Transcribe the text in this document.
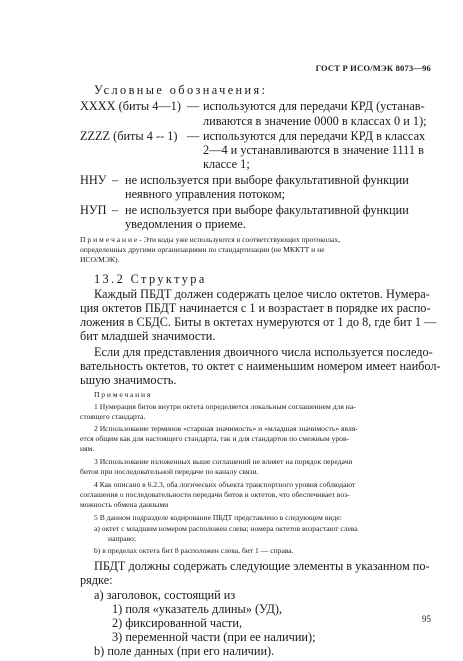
ГОСТ Р ИСО/МЭК 8073—96
Условные обозначения:
XXXX (биты 4—1) — используются для передачи КРД (устанав-
ливаются в значение 0000 в классах 0 и 1);
ZZZZ (биты 4 -- 1) — используются для передачи КРД в классах
2—4 и устанавливаются в значение 1111 в
классе 1;
ННУ – не используется при выборе факультативной функции
неявного управления потоком;
НУП – не используется при выборе факультативной функции
уведомления о приеме.
П р и м е ч а н и е - Эти коды уже используются в соответствующих протоколах,
определенных другими организациями по стандартизации (не МККТТ и не
ИСО/МЭК).
13.2 Структура
Каждый ПБДТ должен содержать целое число октетов. Нумера-
ция октетов ПБДТ начинается с 1 и возрастает в порядке их распо-
ложения в СБДС. Биты в октетах нумеруются от 1 до 8, где бит 1 —
бит младшей значимости.
Если для представления двоичного числа используется последо-
вательность октетов, то октет с наименьшим номером имеет наибол-
ьшую значимость.
Примечания
1 Нумерация битов внутри октета определяется локальным соглашением для на-
стоящего стандарта.
2 Использование терминов «старшая значимость» и «младшая значимость» явля-
ется общим как для настоящего стандарта, так и для стандартов по смежным уров-
ням.
3 Использование изложенных выше соглашений не влияет на порядок передачи
битов при последовательной передаче по каналу связи.
4 Как описано в 6.2.3, оба логических объекта транспортного уровня соблюдают
соглашения о последовательности передачи битов и октетов, что обеспечивает воз-
можность обмена данными
5 В данном подразделе кодирование ПБДТ представлено в следующем виде:
a) октет с младшим номером расположен слева; номера октетов возрастают слева
направо;
b) в пределах октета бит 8 расположен слева, бит 1 — справа.
ПБДТ должны содержать следующие элементы в указанном по-
рядке:
a) заголовок, состоящий из
1) поля «указатель длины» (УД),
2) фиксированной части,
3) переменной части (при ее наличии);
b) поле данных (при его наличии).
95
